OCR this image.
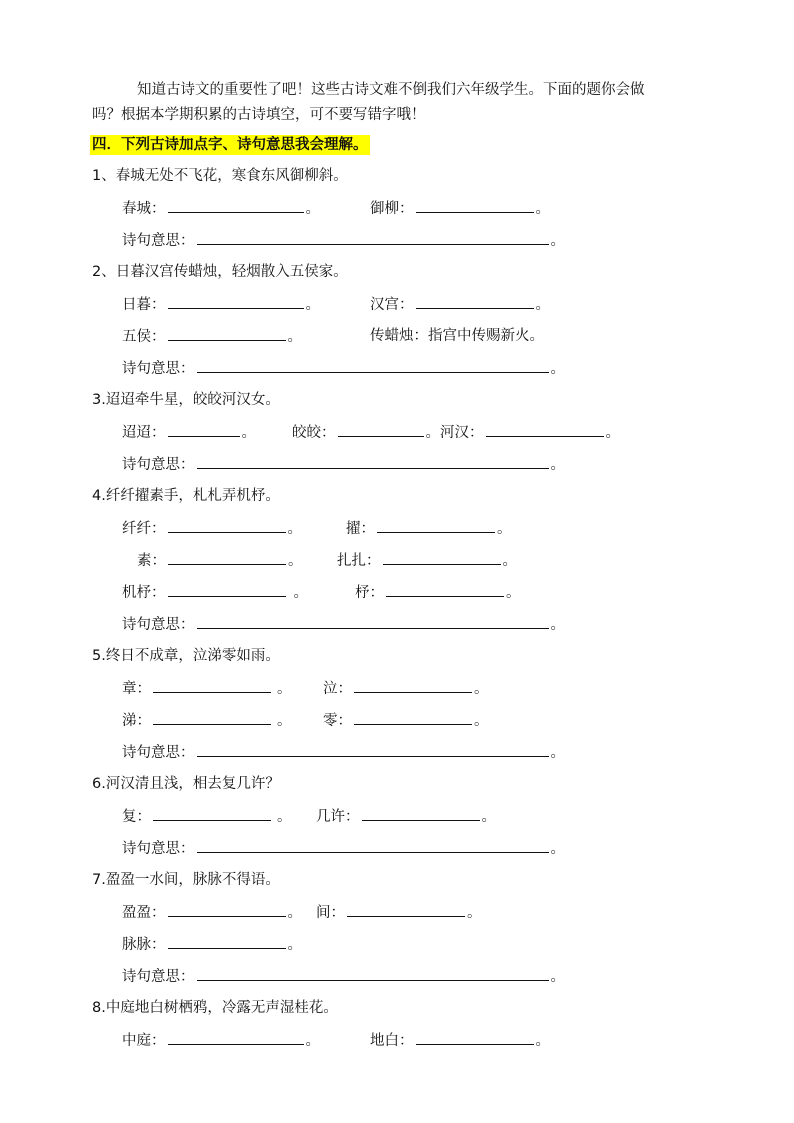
知道古诗文的重要性了吧！这些古诗文难不倒我们六年级学生。下面的题你会做
吗？根据本学期积累的古诗填空，可不要写错字哦！
四．下列古诗加点字、诗句意思我会理解。
1、春城无处不飞花，寒食东风御柳斜。
春城：	。	御柳：	。
诗句意思：	。
2、日暮汉宫传蜡烛，轻烟散入五侯家。
日暮：	。	汉宫：	。
五侯：	。	传蜡烛：指宫中传赐新火。
诗句意思：	。
3.迢迢牵牛星，皎皎河汉女。
迢迢：	。 皎皎：	。河汉：	。
诗句意思：	。
4.纤纤擢素手，札札弄机杼。
纤纤：	。	擢：	。
素：	。 扎扎：	。
机杼：	。	杼：	。
诗句意思：	。
5.终日不成章，泣涕零如雨。
章：	。 泣：	。
涕：	。 零：	。
诗句意思：	。
6.河汉清且浅，相去复几许？
复：	。 几许：	。
诗句意思：	。
7.盈盈一水间，脉脉不得语。
盈盈：	。 间：	。
脉脉：	。
诗句意思：	。
8.中庭地白树栖鸦，冷露无声湿桂花。
中庭：	。	地白：	。
